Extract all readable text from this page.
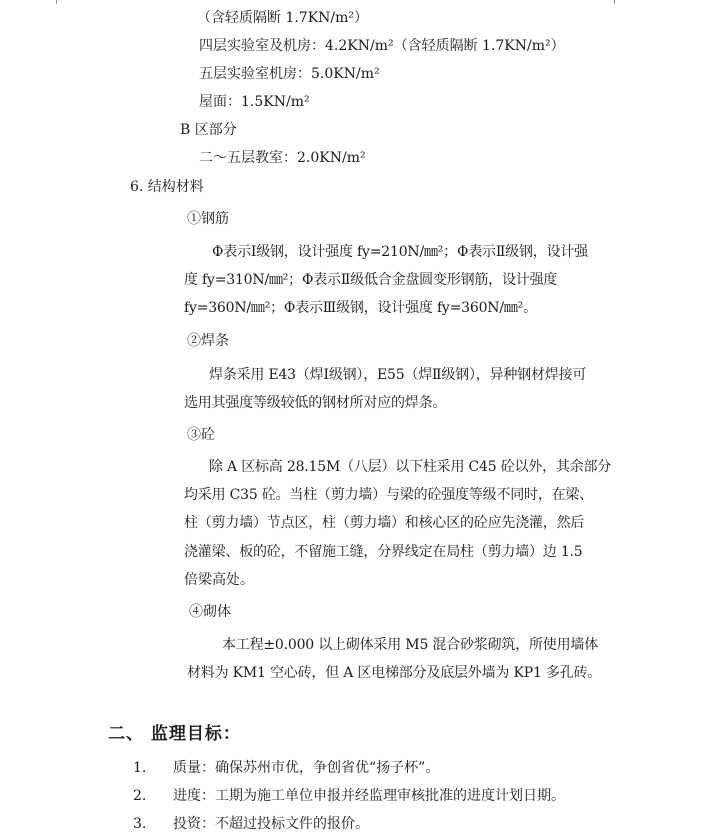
（含轻质隔断 1.7KN/m²）
四层实验室及机房：4.2KN/m²（含轻质隔断 1.7KN/m²）
五层实验室机房：5.0KN/m²
屋面：1.5KN/m²
B 区部分
二～五层教室：2.0KN/m²
6. 结构材料
①钢筋
Φ表示Ⅰ级钢，设计强度 fy=210N/㎜²；Φ表示Ⅱ级钢，设计强
度 fy=310N/㎜²；Φ表示Ⅱ级低合金盘圆变形钢筋，设计强度
fy=360N/㎜²；Φ表示Ⅲ级钢，设计强度 fy=360N/㎜²。
②焊条
焊条采用 E43（焊Ⅰ级钢），E55（焊Ⅱ级钢），异种钢材焊接可
选用其强度等级较低的钢材所对应的焊条。
③砼
除 A 区标高 28.15M（八层）以下柱采用 C45 砼以外，其余部分
均采用 C35 砼。当柱（剪力墙）与梁的砼强度等级不同时，在梁、
柱（剪力墙）节点区，柱（剪力墙）和核心区的砼应先浇灌，然后
浇灌梁、板的砼，不留施工缝，分界线定在局柱（剪力墙）边 1.5
倍梁高处。
④砌体
本工程±0.000 以上砌体采用 M5 混合砂浆砌筑，所使用墙体
材料为 KM1 空心砖，但 A 区电梯部分及底层外墙为 KP1 多孔砖。
二、 监理目标：
1. 质量：确保苏州市优，争创省优“扬子杯”。
2. 进度：工期为施工单位申报并经监理审核批准的进度计划日期。
3. 投资：不超过投标文件的报价。
